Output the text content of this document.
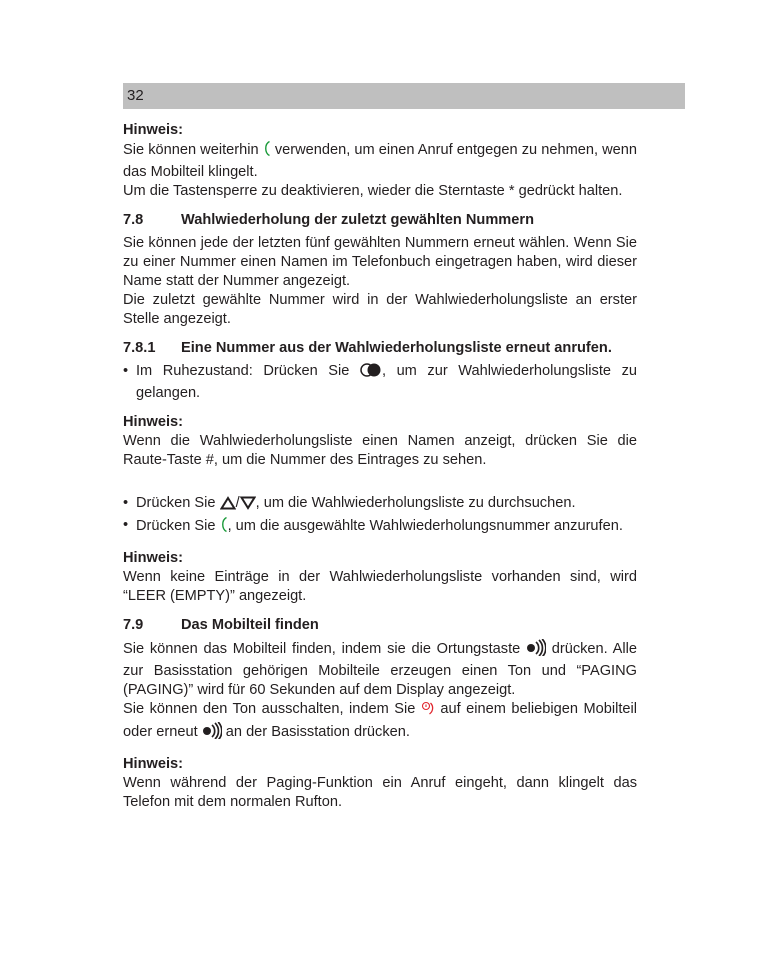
32

Hinweis:

Sie können weiterhin verwenden, um einen Anruf entgegen zu nehmen, wenn das Mobilteil klingelt.

Um die Tastensperre zu deaktivieren, wieder die Sterntaste * gedrückt halten.

7.8	Wahlwiederholung der zuletzt gewählten Nummern

Sie können jede der letzten fünf gewählten Nummern erneut wählen. Wenn Sie zu einer Nummer einen Namen im Telefonbuch eingetragen haben, wird dieser Name statt der Nummer angezeigt.

Die zuletzt gewählte Nummer wird in der Wahlwiederholungsliste an erster Stelle angezeigt.

7.8.1	Eine Nummer aus der Wahlwiederholungsliste erneut anrufen.

• Im Ruhezustand: Drücken Sie , um zur Wahlwiederholungsliste zu gelangen.

Hinweis:

Wenn die Wahlwiederholungsliste einen Namen anzeigt, drücken Sie die Raute-Taste #, um die Nummer des Eintrages zu sehen.

• Drücken Sie / , um die Wahlwiederholungsliste zu durchsuchen.
• Drücken Sie , um die ausgewählte Wahlwiederholungsnummer anzurufen.

Hinweis:

Wenn keine Einträge in der Wahlwiederholungsliste vorhanden sind, wird “LEER (EMPTY)” angezeigt.

7.9	Das Mobilteil finden

Sie können das Mobilteil finden, indem sie die Ortungstaste drücken. Alle zur Basisstation gehörigen Mobilteile erzeugen einen Ton und “PAGING (PAGING)” wird für 60 Sekunden auf dem Display angezeigt.

Sie können den Ton ausschalten, indem Sie auf einem beliebigen Mobilteil oder erneut an der Basisstation drücken.

Hinweis:

Wenn während der Paging-Funktion ein Anruf eingeht, dann klingelt das Telefon mit dem normalen Rufton.
